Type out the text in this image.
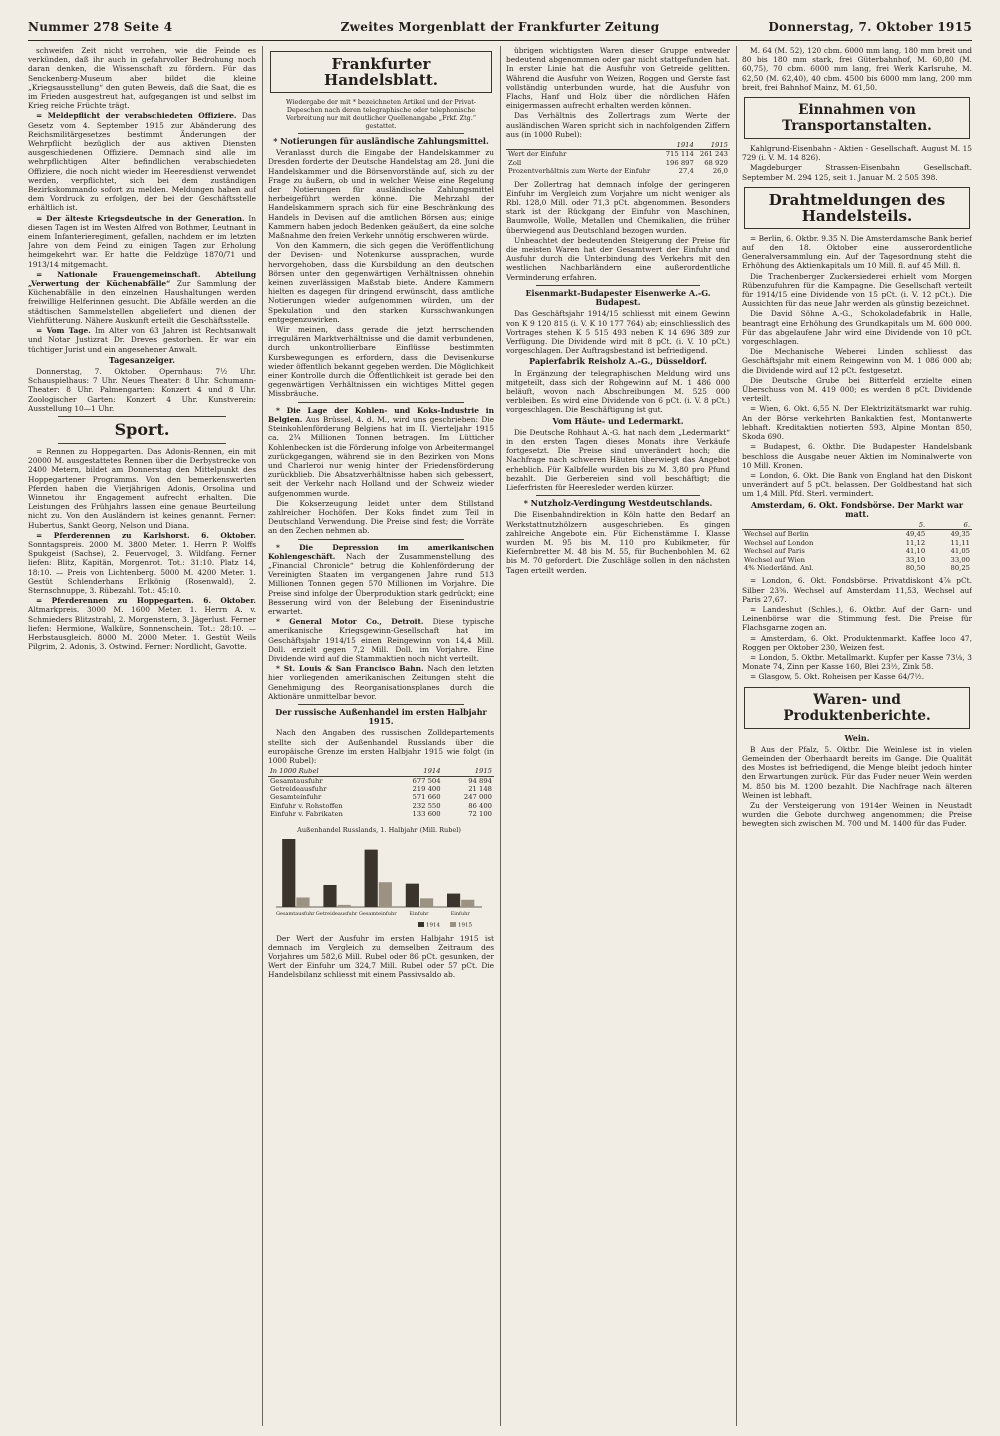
Nummer 278 Seite 4	Zweites Morgenblatt der Frankfurter Zeitung	Donnerstag, 7. Oktober 1915

schweifen Zeit nicht verrohen, wie die Feinde es verkünden, daß ihr auch in gefahrvoller Bedrohung noch daran denken, die Wissenschaft zu fördern. Für das Senckenberg-Museum aber bildet die kleine „Kriegsausstellung“ den guten Beweis, daß die Saat, die es im Frieden ausgestreut hat, aufgegangen ist und selbst im Krieg reiche Früchte trägt.

= Meldepflicht der verabschiedeten Offiziere. Das Gesetz vom 4. September 1915 zur Abänderung des Reichsmilitärgesetzes bestimmt Änderungen der Wehrpflicht bezüglich der aus aktiven Diensten ausgeschiedenen Offiziere. Demnach sind alle im wehrpflichtigen Alter befindlichen verabschiedeten Offiziere, die noch nicht wieder im Heeresdienst verwendet werden, verpflichtet, sich bei dem zuständigen Bezirkskommando sofort zu melden. Meldungen haben auf dem Vordruck zu erfolgen, der bei der Geschäftsstelle erhältlich ist.

= Der älteste Kriegsdeutsche in der Generation. In diesen Tagen ist im Westen Alfred von Bothmer, Leutnant in einem Infanterieregiment, gefallen, nachdem er im letzten Jahre von dem Feind zu einigen Tagen zur Erholung heimgekehrt war. Er hatte die Feldzüge 1870/71 und 1913/14 mitgemacht.

= Nationale Frauengemeinschaft. Abteilung „Verwertung der Küchenabfälle“ Zur Sammlung der Küchenabfälle in den einzelnen Haushaltungen werden freiwillige Helferinnen gesucht. Die Abfälle werden an die städtischen Sammelstellen abgeliefert und dienen der Viehfütterung. Nähere Auskunft erteilt die Geschäftsstelle.

= Vom Tage. Im Alter von 63 Jahren ist Rechtsanwalt und Notar Justizrat Dr. Dreves gestorben. Er war ein tüchtiger Jurist und ein angesehener Anwalt.

Tagesanzeiger.

Donnerstag, 7. Oktober. Opernhaus: 7½ Uhr. Schauspielhaus: 7 Uhr. Neues Theater: 8 Uhr. Schumann-Theater: 8 Uhr. Palmengarten: Konzert 4 und 8 Uhr. Zoologischer Garten: Konzert 4 Uhr. Kunstverein: Ausstellung 10—1 Uhr.

Sport.

= Rennen zu Hoppegarten. Das Adonis-Rennen, ein mit 20000 M. ausgestattetes Rennen über die Derbystrecke von 2400 Metern, bildet am Donnerstag den Mittelpunkt des Hoppegartener Programms. Von den bemerkenswerten Pferden haben die Vierjährigen Adonis, Orsolina und Winnetou ihr Engagement aufrecht erhalten. Die Leistungen des Frühjahrs lassen eine genaue Beurteilung nicht zu. Von den Ausländern ist keines genannt. Ferner: Hubertus, Sankt Georg, Nelson und Diana.

= Pferderennen zu Karlshorst. 6. Oktober. Sonntagspreis. 2000 M. 3800 Meter. 1. Herrn P. Wolffs Spukgeist (Sachse), 2. Feuervogel, 3. Wildfang. Ferner liefen: Blitz, Kapitän, Morgenrot. Tot.: 31:10. Platz 14, 18:10. — Preis von Lichtenberg. 5000 M. 4200 Meter. 1. Gestüt Schlenderhans Erlkönig (Rosenwald), 2. Sternschnuppe, 3. Rübezahl. Tot.: 45:10.

= Pferderennen zu Hoppegarten. 6. Oktober. Altmarkpreis. 3000 M. 1600 Meter. 1. Herrn A. v. Schmieders Blitzstrahl, 2. Morgenstern, 3. Jägerlust. Ferner liefen: Hermione, Walküre, Sonnenschein. Tot.: 28:10. — Herbstausgleich. 8000 M. 2000 Meter. 1. Gestüt Weils Pilgrim, 2. Adonis, 3. Ostwind. Ferner: Nordlicht, Gavotte.

Frankfurter Handelsblatt.
Wiedergabe der mit * bezeichneten Artikel und der Privat-Depeschen nach deren telegraphische oder telephonische Verbreitung nur mit deutlicher Quellenangabe „Frkf. Ztg.“ gestattet.
* Notierungen für ausländische Zahlungsmittel.

Veranlasst durch die Eingabe der Handelskammer zu Dresden forderte der Deutsche Handelstag am 28. Juni die Handelskammer und die Börsenvorstände auf, sich zu der Frage zu äußern, ob und in welcher Weise eine Regelung der Notierungen für ausländische Zahlungsmittel herbeigeführt werden könne. Die Mehrzahl der Handelskammern sprach sich für eine Beschränkung des Handels in Devisen auf die amtlichen Börsen aus; einige Kammern haben jedoch Bedenken geäußert, da eine solche Maßnahme den freien Verkehr unnötig erschweren würde.

Von den Kammern, die sich gegen die Veröffentlichung der Devisen- und Notenkurse aussprachen, wurde hervorgehoben, dass die Kursbildung an den deutschen Börsen unter den gegenwärtigen Verhältnissen ohnehin keinen zuverlässigen Maßstab biete. Andere Kammern hielten es dagegen für dringend erwünscht, dass amtliche Notierungen wieder aufgenommen würden, um der Spekulation und den starken Kursschwankungen entgegenzuwirken.

Wir meinen, dass gerade die jetzt herrschenden irregulären Marktverhältnisse und die damit verbundenen, durch unkontrollierbare Einflüsse bestimmten Kursbewegungen es erfordern, dass die Devisenkurse wieder öffentlich bekannt gegeben werden. Die Möglichkeit einer Kontrolle durch die Öffentlichkeit ist gerade bei den gegenwärtigen Verhältnissen ein wichtiges Mittel gegen Missbräuche.

* Die Lage der Kohlen- und Koks-Industrie in Belgien. Aus Brüssel, 4. d. M., wird uns geschrieben: Die Steinkohlenförderung Belgiens hat im II. Vierteljahr 1915 ca. 2¾ Millionen Tonnen betragen. Im Lütticher Kohlenbecken ist die Förderung infolge von Arbeitermangel zurückgegangen, während sie in den Bezirken von Mons und Charleroi nur wenig hinter der Friedensförderung zurückblieb. Die Absatzverhältnisse haben sich gebessert, seit der Verkehr nach Holland und der Schweiz wieder aufgenommen wurde.

Die Kokserzeugung leidet unter dem Stillstand zahlreicher Hochöfen. Der Koks findet zum Teil in Deutschland Verwendung. Die Preise sind fest; die Vorräte an den Zechen nehmen ab.

* Die Depression im amerikanischen Kohlengeschäft. Nach der Zusammenstellung des „Financial Chronicle“ betrug die Kohlenförderung der Vereinigten Staaten im vergangenen Jahre rund 513 Millionen Tonnen gegen 570 Millionen im Vorjahre. Die Preise sind infolge der Überproduktion stark gedrückt; eine Besserung wird von der Belebung der Eisenindustrie erwartet.

* General Motor Co., Detroit. Diese typische amerikanische Kriegsgewinn-Gesellschaft hat im Geschäftsjahr 1914/15 einen Reingewinn von 14,4 Mill. Doll. erzielt gegen 7,2 Mill. Doll. im Vorjahre. Eine Dividende wird auf die Stammaktien noch nicht verteilt.

* St. Louis & San Francisco Bahn. Nach den letzten hier vorliegenden amerikanischen Zeitungen steht die Genehmigung des Reorganisationsplanes durch die Aktionäre unmittelbar bevor.

Der russische Außenhandel im ersten Halbjahr 1915.

Nach den Angaben des russischen Zolldepartements stellte sich der Außenhandel Russlands über die europäische Grenze im ersten Halbjahr 1915 wie folgt (in 1000 Rubel):

In 1000 Rubel	1914	1915
Gesamtausfuhr	677 504	94 894
Getreideausfuhr	219 400	21 148
Gesamteinfuhr	571 660	247 000
Einfuhr v. Rohstoffen	232 550	86 400
Einfuhr v. Fabrikaten	133 600	72 100
Außenhandel Russlands, 1. Halbjahr (Mill. Rubel)
Gesamtausfuhr Getreideausfuhr Gesamteinfuhr	Einfuhr	Einfuhr
1914	1915

Der Wert der Ausfuhr im ersten Halbjahr 1915 ist demnach im Vergleich zu demselben Zeitraum des Vorjahres um 582,6 Mill. Rubel oder 86 pCt. gesunken, der Wert der Einfuhr um 324,7 Mill. Rubel oder 57 pCt. Die Handelsbilanz schliesst mit einem Passivsaldo ab.

übrigen wichtigsten Waren dieser Gruppe entweder bedeutend abgenommen oder gar nicht stattgefunden hat. In erster Linie hat die Ausfuhr von Getreide gelitten. Während die Ausfuhr von Weizen, Roggen und Gerste fast vollständig unterbunden wurde, hat die Ausfuhr von Flachs, Hanf und Holz über die nördlichen Häfen einigermassen aufrecht erhalten werden können.

Das Verhältnis des Zollertrags zum Werte der ausländischen Waren spricht sich in nachfolgenden Ziffern aus (in 1000 Rubel):

	1914	1915
Wert der Einfuhr	715 114	261 243
Zoll	196 897	68 929
Prozentverhältnis zum Werte der Einfuhr	27,4	26,0

Der Zollertrag hat demnach infolge der geringeren Einfuhr im Vergleich zum Vorjahre um nicht weniger als Rbl. 128,0 Mill. oder 71,3 pCt. abgenommen. Besonders stark ist der Rückgang der Einfuhr von Maschinen, Baumwolle, Wolle, Metallen und Chemikalien, die früher überwiegend aus Deutschland bezogen wurden.

Unbeachtet der bedeutenden Steigerung der Preise für die meisten Waren hat der Gesamtwert der Einfuhr und Ausfuhr durch die Unterbindung des Verkehrs mit den westlichen Nachbarländern eine außerordentliche Verminderung erfahren.

Eisenmarkt-Budapester Eisenwerke A.-G. Budapest.

Das Geschäftsjahr 1914/15 schliesst mit einem Gewinn von K 9 120 815 (i. V. K 10 177 764) ab; einschliesslich des Vortrages stehen K 5 515 493 neben K 14 696 389 zur Verfügung. Die Dividende wird mit 8 pCt. (i. V. 10 pCt.) vorgeschlagen. Der Auftragsbestand ist befriedigend.

Papierfabrik Reisholz A.-G., Düsseldorf.

In Ergänzung der telegraphischen Meldung wird uns mitgeteilt, dass sich der Rohgewinn auf M. 1 486 000 beläuft, wovon nach Abschreibungen M. 525 000 verbleiben. Es wird eine Dividende von 6 pCt. (i. V. 8 pCt.) vorgeschlagen. Die Beschäftigung ist gut.

Vom Häute- und Ledermarkt.

Die Deutsche Rohhaut A.-G. hat nach dem „Ledermarkt“ in den ersten Tagen dieses Monats ihre Verkäufe fortgesetzt. Die Preise sind unverändert hoch; die Nachfrage nach schweren Häuten überwiegt das Angebot erheblich. Für Kalbfelle wurden bis zu M. 3,80 pro Pfund bezahlt. Die Gerbereien sind voll beschäftigt; die Lieferfristen für Heeresleder werden kürzer.

* Nutzholz-Verdingung Westdeutschlands.

Die Eisenbahndirektion in Köln hatte den Bedarf an Werkstattnutzhölzern ausgeschrieben. Es gingen zahlreiche Angebote ein. Für Eichenstämme I. Klasse wurden M. 95 bis M. 110 pro Kubikmeter, für Kiefernbretter M. 48 bis M. 55, für Buchenbohlen M. 62 bis M. 70 gefordert. Die Zuschläge sollen in den nächsten Tagen erteilt werden.

M. 64 (M. 52), 120 cbm. 6000 mm lang, 180 mm breit und 80 bis 180 mm stark, frei Güterbahnhof, M. 60,80 (M. 60,75), 70 cbm. 6000 mm lang, frei Werk Karlsruhe, M. 62,50 (M. 62,40), 40 cbm. 4500 bis 6000 mm lang, 200 mm breit, frei Bahnhof Mainz, M. 61,50.

Einnahmen von Transportanstalten.

Kahlgrund-Eisenbahn - Aktien - Gesellschaft. August M. 15 729 (i. V. M. 14 826).

Magdeburger Strassen-Eisenbahn Gesellschaft. September M. 294 125, seit 1. Januar M. 2 505 398.

Drahtmeldungen des Handelsteils.

= Berlin, 6. Oktbr. 9.35 N. Die Amsterdamsche Bank berief auf den 18. Oktober eine ausserordentliche Generalversammlung ein. Auf der Tagesordnung steht die Erhöhung des Aktienkapitals um 10 Mill. fl. auf 45 Mill. fl.

Die Trachenberger Zuckersiederei erhielt vom Morgen Rübenzufuhren für die Kampagne. Die Gesellschaft verteilt für 1914/15 eine Dividende von 15 pCt. (i. V. 12 pCt.). Die Aussichten für das neue Jahr werden als günstig bezeichnet.

Die David Söhne A.-G., Schokoladefabrik in Halle, beantragt eine Erhöhung des Grundkapitals um M. 600 000. Für das abgelaufene Jahr wird eine Dividende von 10 pCt. vorgeschlagen.

Die Mechanische Weberei Linden schliesst das Geschäftsjahr mit einem Reingewinn von M. 1 086 000 ab; die Dividende wird auf 12 pCt. festgesetzt.

Die Deutsche Grube bei Bitterfeld erzielte einen Überschuss von M. 419 000; es werden 8 pCt. Dividende verteilt.

= Wien, 6. Okt. 6,55 N. Der Elektrizitätsmarkt war ruhig. An der Börse verkehrten Bankaktien fest, Montanwerte lebhaft. Kreditaktien notierten 593, Alpine Montan 850, Skoda 690.

= Budapest, 6. Oktbr. Die Budapester Handelsbank beschloss die Ausgabe neuer Aktien im Nominalwerte von 10 Mill. Kronen.

= London, 6. Okt. Die Bank von England hat den Diskont unverändert auf 5 pCt. belassen. Der Goldbestand hat sich um 1,4 Mill. Pfd. Sterl. vermindert.

Amsterdam, 6. Okt. Fondsbörse. Der Markt war matt.
	5.	6.
Wechsel auf Berlin	49,45	49,35
Wechsel auf London	11,12	11,11
Wechsel auf Paris	41,10	41,05
Wechsel auf Wien	33,10	33,00
4% Niederländ. Anl.	80,50	80,25

= London, 6. Okt. Fondsbörse. Privatdiskont 4⅞ pCt. Silber 23⅜. Wechsel auf Amsterdam 11,53, Wechsel auf Paris 27,67.

= Landeshut (Schles.), 6. Oktbr. Auf der Garn- und Leinenbörse war die Stimmung fest. Die Preise für Flachsgarne zogen an.

= Amsterdam, 6. Okt. Produktenmarkt. Kaffee loco 47, Roggen per Oktober 230, Weizen fest.

= London, 5. Oktbr. Metallmarkt. Kupfer per Kasse 73⅛, 3 Monate 74, Zinn per Kasse 160, Blei 23½, Zink 58.

= Glasgow, 5. Okt. Roheisen per Kasse 64/7½.

Waren- und Produktenberichte.
Wein.

B Aus der Pfalz, 5. Oktbr. Die Weinlese ist in vielen Gemeinden der Oberhaardt bereits im Gange. Die Qualität des Mostes ist befriedigend, die Menge bleibt jedoch hinter den Erwartungen zurück. Für das Fuder neuer Wein werden M. 850 bis M. 1200 bezahlt. Die Nachfrage nach älteren Weinen ist lebhaft.

Zu der Versteigerung von 1914er Weinen in Neustadt wurden die Gebote durchweg angenommen; die Preise bewegten sich zwischen M. 700 und M. 1400 für das Fuder.
